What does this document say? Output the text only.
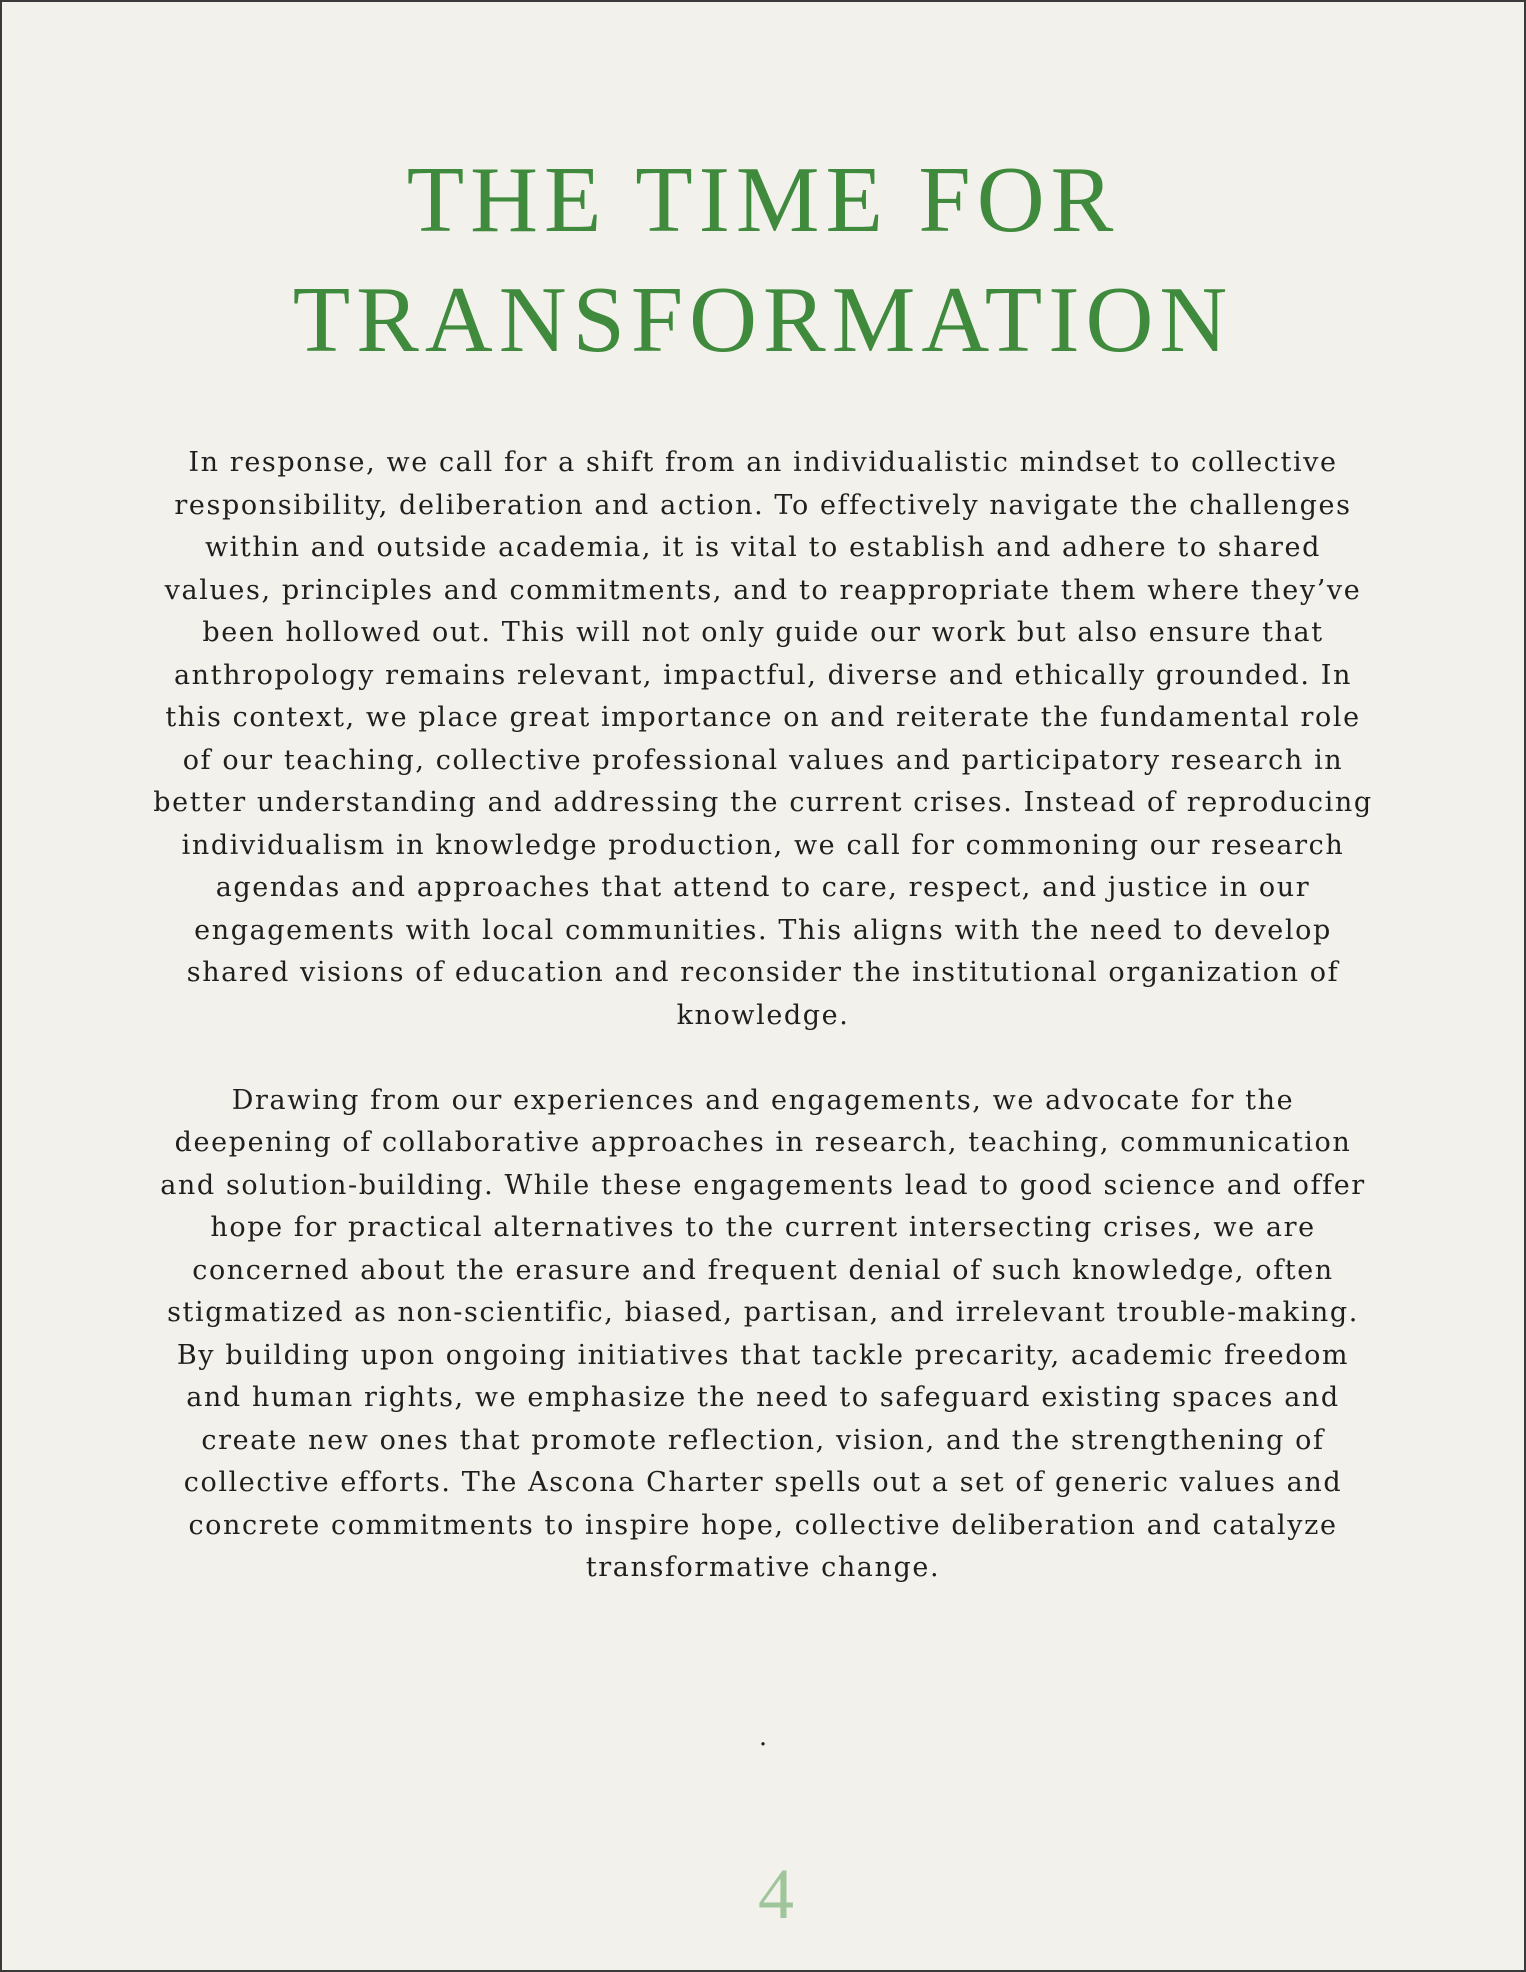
THE TIME FOR
TRANSFORMATION

In response, we call for a shift from an individualistic mindset to collective responsibility, deliberation and action. To effectively navigate the challenges within and outside academia, it is vital to establish and adhere to shared values, principles and commitments, and to reappropriate them where they’ve been hollowed out. This will not only guide our work but also ensure that anthropology remains relevant, impactful, diverse and ethically grounded. In this context, we place great importance on and reiterate the fundamental role of our teaching, collective professional values and participatory research in better understanding and addressing the current crises. Instead of reproducing individualism in knowledge production, we call for commoning our research agendas and approaches that attend to care, respect, and justice in our engagements with local communities. This aligns with the need to develop shared visions of education and reconsider the institutional organization of knowledge.

Drawing from our experiences and engagements, we advocate for the deepening of collaborative approaches in research, teaching, communication and solution-building. While these engagements lead to good science and offer hope for practical alternatives to the current intersecting crises, we are concerned about the erasure and frequent denial of such knowledge, often stigmatized as non-scientific, biased, partisan, and irrelevant trouble-making. By building upon ongoing initiatives that tackle precarity, academic freedom and human rights, we emphasize the need to safeguard existing spaces and create new ones that promote reflection, vision, and the strengthening of collective efforts. The Ascona Charter spells out a set of generic values and concrete commitments to inspire hope, collective deliberation and catalyze transformative change.

.
4
